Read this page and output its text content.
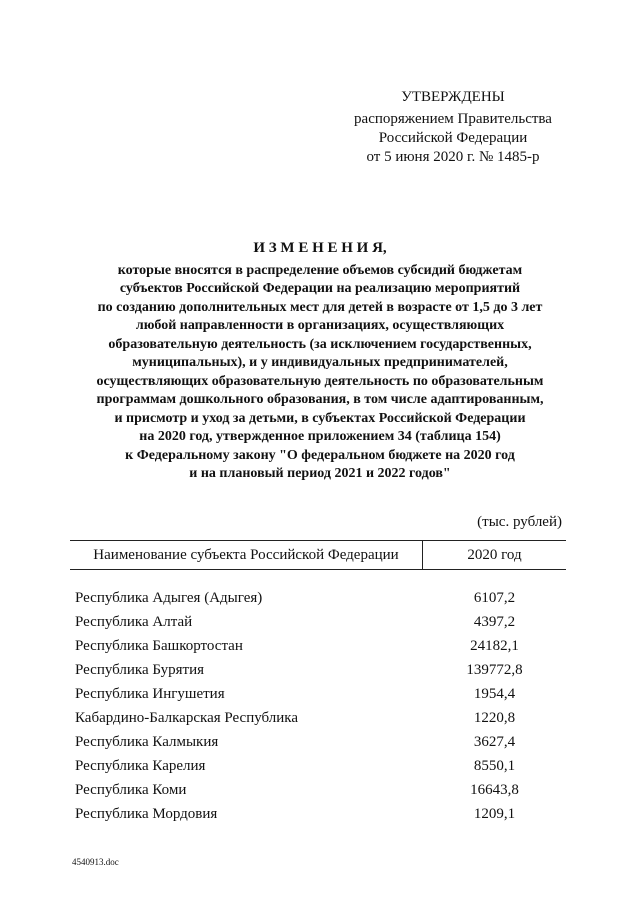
УТВЕРЖДЕНЫ
распоряжением Правительства
Российской Федерации
от 5 июня 2020 г. № 1485-р
И З М Е Н Е Н И Я,
которые вносятся в распределение объемов субсидий бюджетам
субъектов Российской Федерации на реализацию мероприятий
по созданию дополнительных мест для детей в возрасте от 1,5 до 3 лет
любой направленности в организациях, осуществляющих
образовательную деятельность (за исключением государственных,
муниципальных), и у индивидуальных предпринимателей,
осуществляющих образовательную деятельность по образовательным
программам дошкольного образования, в том числе адаптированным,
и присмотр и уход за детьми, в субъектах Российской Федерации
на 2020 год, утвержденное приложением 34 (таблица 154)
к Федеральному закону "О федеральном бюджете на 2020 год
и на плановый период 2021 и 2022 годов"
(тыс. рублей)
Наименование субъекта Российской Федерации	2020 год
Республика Адыгея (Адыгея)	6107,2
Республика Алтай	4397,2
Республика Башкортостан	24182,1
Республика Бурятия	139772,8
Республика Ингушетия	1954,4
Кабардино-Балкарская Республика	1220,8
Республика Калмыкия	3627,4
Республика Карелия	8550,1
Республика Коми	16643,8
Республика Мордовия	1209,1
4540913.doc
